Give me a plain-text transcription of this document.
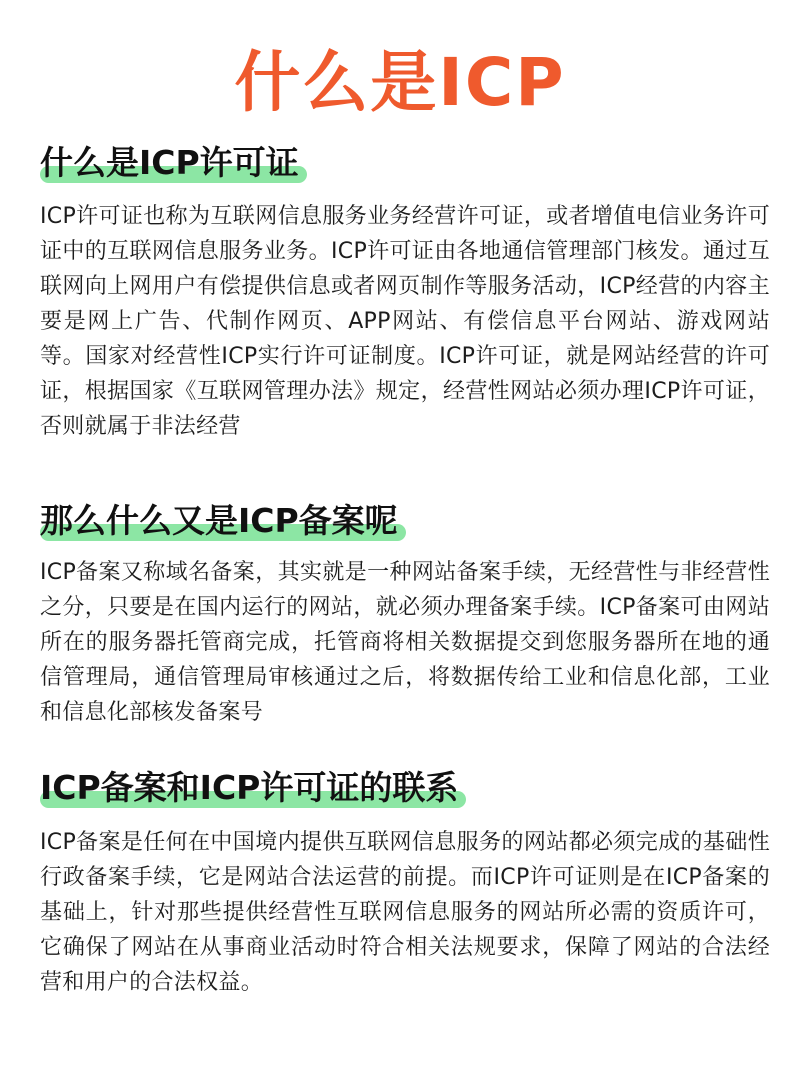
什么是ICP
什么是ICP许可证

ICP许可证也称为互联网信息服务业务经营许可证，或者增值电信业务许可证中的互联网信息服务业务。ICP许可证由各地通信管理部门核发。通过互联网向上网用户有偿提供信息或者网页制作等服务活动，ICP经营的内容主要是网上广告、代制作网页、APP网站、有偿信息平台网站、游戏网站等。国家对经营性ICP实行许可证制度。ICP许可证，就是网站经营的许可证，根据国家《互联网管理办法》规定，经营性网站必须办理ICP许可证，否则就属于非法经营

那么什么又是ICP备案呢

ICP备案又称域名备案，其实就是一种网站备案手续，无经营性与非经营性之分，只要是在国内运行的网站，就必须办理备案手续。ICP备案可由网站所在的服务器托管商完成，托管商将相关数据提交到您服务器所在地的通信管理局，通信管理局审核通过之后，将数据传给工业和信息化部，工业和信息化部核发备案号

ICP备案和ICP许可证的联系

ICP备案是任何在中国境内提供互联网信息服务的网站都必须完成的基础性行政备案手续，它是网站合法运营的前提。而ICP许可证则是在ICP备案的基础上，针对那些提供经营性互联网信息服务的网站所必需的资质许可，它确保了网站在从事商业活动时符合相关法规要求，保障了网站的合法经营和用户的合法权益。
